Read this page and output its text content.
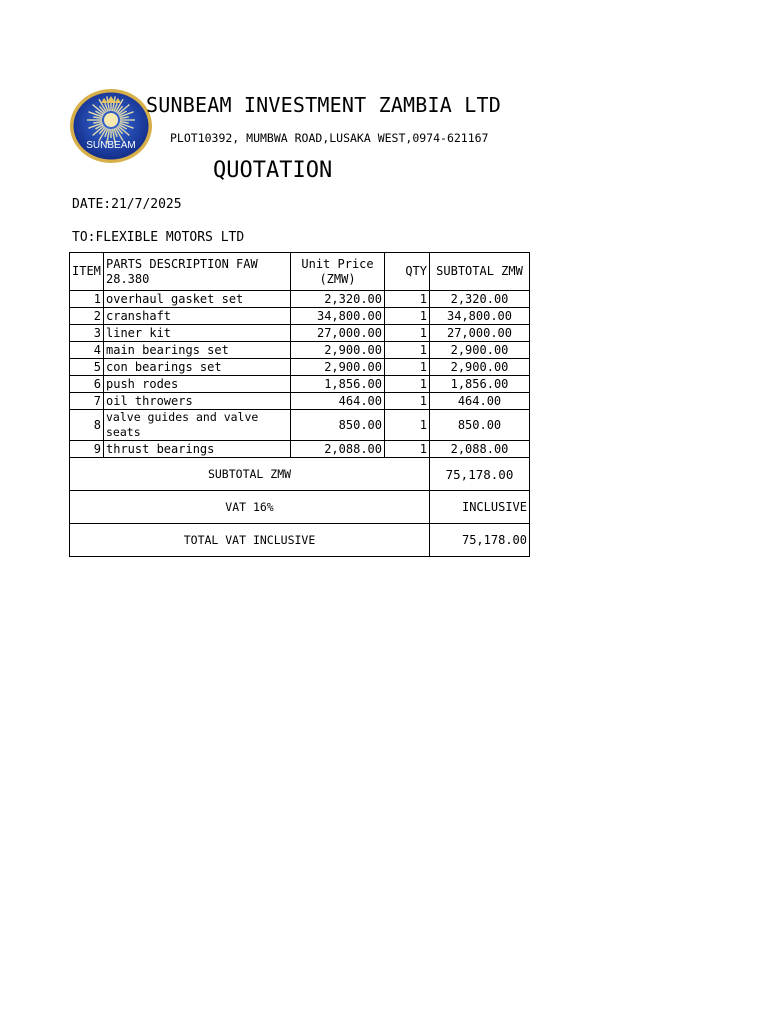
SUNBEAM
SUNBEAM INVESTMENT ZAMBIA LTD
PLOT10392, MUMBWA ROAD,LUSAKA WEST,0974-621167
QUOTATION
DATE:21/7/2025
TO:FLEXIBLE MOTORS LTD
ITEM	PARTS DESCRIPTION FAW 28.380	Unit Price (ZMW)	QTY	SUBTOTAL ZMW
1	overhaul gasket set	2,320.00	1	2,320.00
2	cranshaft	34,800.00	1	34,800.00
3	liner kit	27,000.00	1	27,000.00
4	main bearings set	2,900.00	1	2,900.00
5	con bearings set	2,900.00	1	2,900.00
6	push rodes	1,856.00	1	1,856.00
7	oil throwers	464.00	1	464.00
8	valve guides and valve seats	850.00	1	850.00
9	thrust bearings	2,088.00	1	2,088.00
SUBTOTAL ZMW				75,178.00
VAT 16%				INCLUSIVE
TOTAL VAT INCLUSIVE				75,178.00
